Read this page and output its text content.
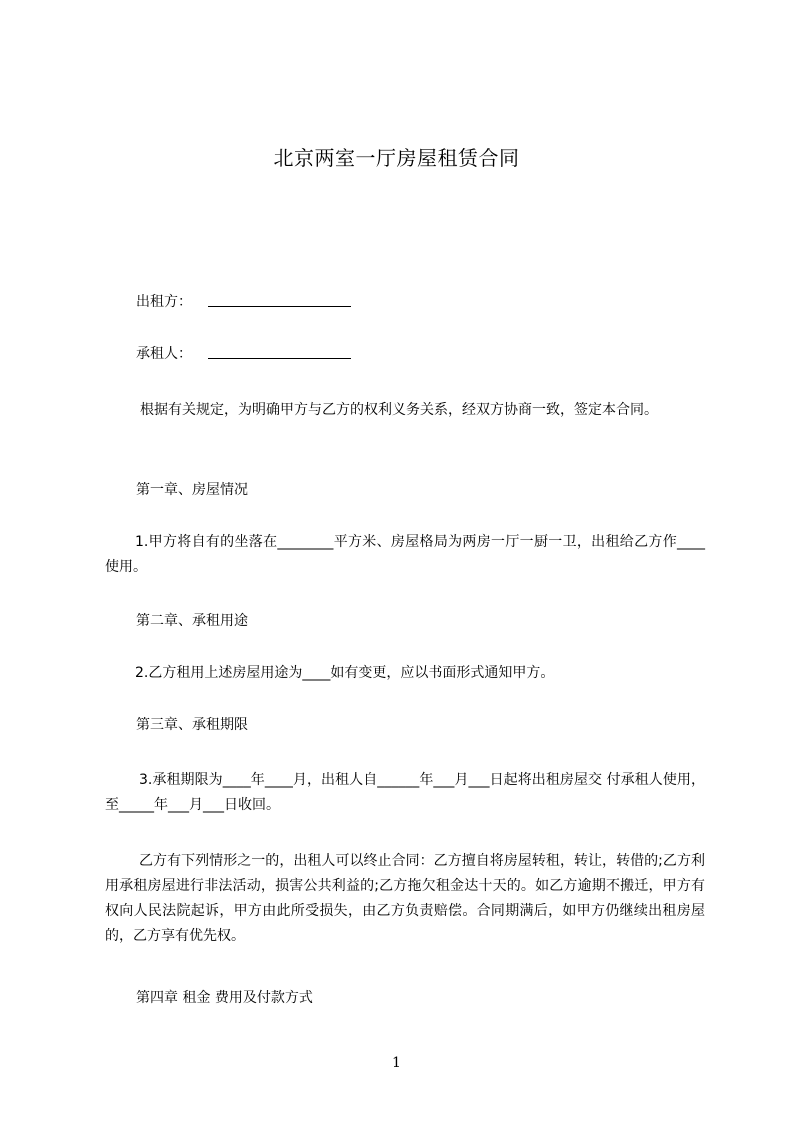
北京两室一厅房屋租赁合同
出租方：
承租人：
根据有关规定，为明确甲方与乙方的权利义务关系，经双方协商一致，签定本合同。
第一章、房屋情况
1.甲方将自有的坐落在________平方米、房屋格局为两房一厅一厨一卫，出租给乙方作____使用。
第二章、承租用途
2.乙方租用上述房屋用途为____如有变更，应以书面形式通知甲方。
第三章、承租期限
3.承租期限为____年____月，出租人自______年___月___日起将出租房屋交 付承租人使用，至_____年___月___日收回。
乙方有下列情形之一的，出租人可以终止合同：乙方擅自将房屋转租，转让，转借的;乙方利用承租房屋进行非法活动，损害公共利益的;乙方拖欠租金达十天的。如乙方逾期不搬迁，甲方有权向人民法院起诉，甲方由此所受损失，由乙方负责赔偿。合同期满后，如甲方仍继续出租房屋的，乙方享有优先权。
第四章 租金 费用及付款方式
1
